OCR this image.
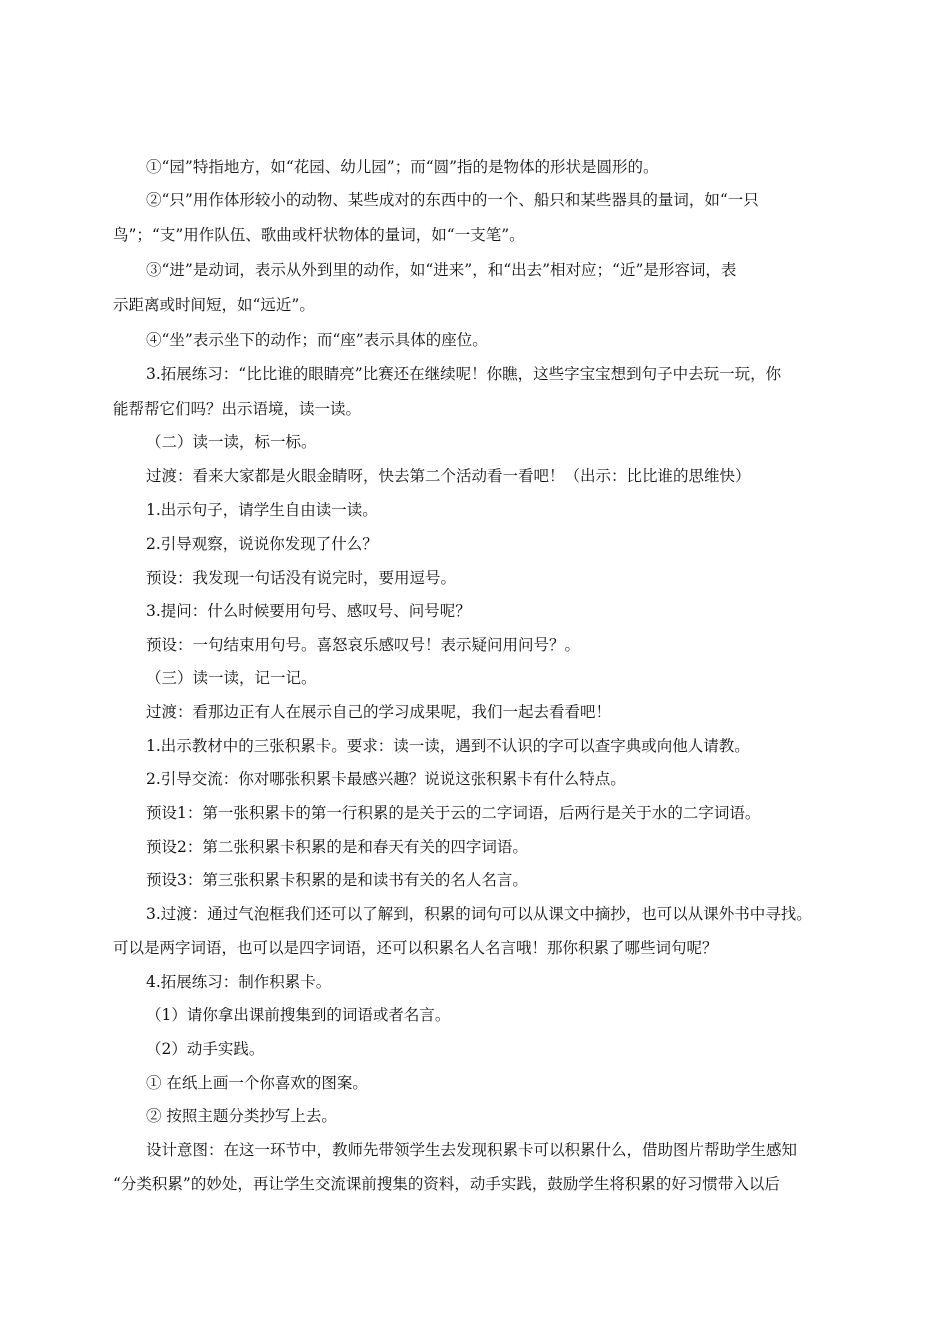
①“园”特指地方，如“花园、幼儿园”；而“圆”指的是物体的形状是圆形的。
②“只”用作体形较小的动物、某些成对的东西中的一个、船只和某些器具的量词，如“一只
鸟”；“支”用作队伍、歌曲或杆状物体的量词，如“一支笔”。
③“进”是动词，表示从外到里的动作，如“进来”，和“出去”相对应；“近”是形容词，表
示距离或时间短，如“远近”。
④“坐”表示坐下的动作；而“座”表示具体的座位。
3.拓展练习：“比比谁的眼睛亮”比赛还在继续呢！你瞧，这些字宝宝想到句子中去玩一玩，你
能帮帮它们吗？出示语境，读一读。
（二）读一读，标一标。
过渡：看来大家都是火眼金睛呀，快去第二个活动看一看吧！（出示：比比谁的思维快）
1.出示句子，请学生自由读一读。
2.引导观察，说说你发现了什么？
预设：我发现一句话没有说完时，要用逗号。
3.提问：什么时候要用句号、感叹号、问号呢？
预设：一句结束用句号。喜怒哀乐感叹号！表示疑问用问号？。
（三）读一读，记一记。
过渡：看那边正有人在展示自己的学习成果呢，我们一起去看看吧！
1.出示教材中的三张积累卡。要求：读一读，遇到不认识的字可以查字典或向他人请教。
2.引导交流：你对哪张积累卡最感兴趣？说说这张积累卡有什么特点。
预设1：第一张积累卡的第一行积累的是关于云的二字词语，后两行是关于水的二字词语。
预设2：第二张积累卡积累的是和春天有关的四字词语。
预设3：第三张积累卡积累的是和读书有关的名人名言。
3.过渡：通过气泡框我们还可以了解到，积累的词句可以从课文中摘抄，也可以从课外书中寻找。
可以是两字词语，也可以是四字词语，还可以积累名人名言哦！那你积累了哪些词句呢？
4.拓展练习：制作积累卡。
（1）请你拿出课前搜集到的词语或者名言。
（2）动手实践。
① 在纸上画一个你喜欢的图案。
② 按照主题分类抄写上去。
设计意图：在这一环节中，教师先带领学生去发现积累卡可以积累什么，借助图片帮助学生感知
“分类积累”的妙处，再让学生交流课前搜集的资料，动手实践，鼓励学生将积累的好习惯带入以后
